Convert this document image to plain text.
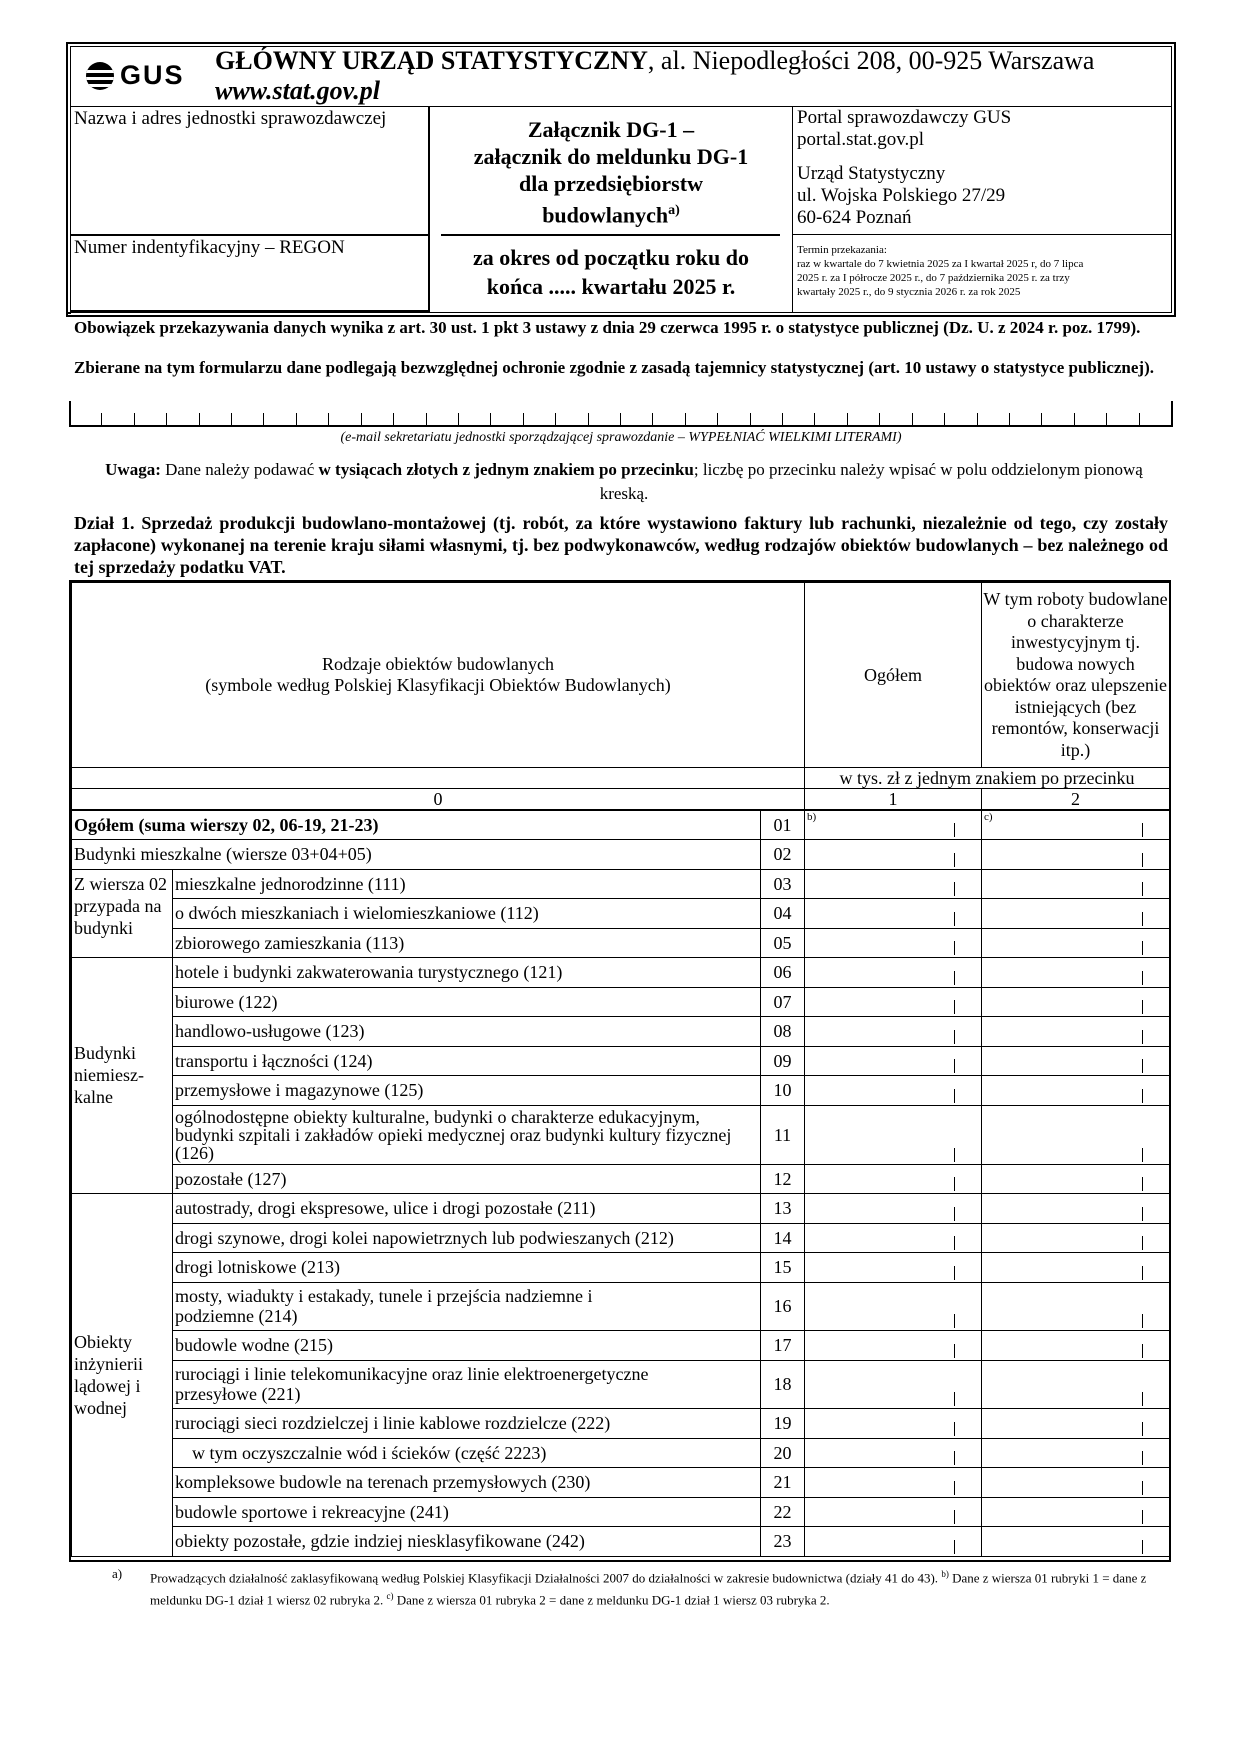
GUS GŁÓWNY URZĄD STATYSTYCZNY, al. Niepodległości 208, 00-925 Warszawa
www.stat.gov.pl
Nazwa i adres jednostki sprawozdawczej
Numer indentyfikacyjny – REGON
Załącznik DG-1 –
załącznik do meldunku DG-1
dla przedsiębiorstw
budowlanych$^{a)}$
za okres od początku roku do
końca ..... kwartału 2025 r.
Portal sprawozdawczy GUS
portal.stat.gov.pl
Urząd Statystyczny
ul. Wojska Polskiego 27/29
60-624 Poznań
Termin przekazania:
raz w kwartale do 7 kwietnia 2025 za I kwartał 2025 r, do 7 lipca
2025 r. za I półrocze 2025 r., do 7 października 2025 r. za trzy
kwartały 2025 r., do 9 stycznia 2026 r. za rok 2025
Obowiązek przekazywania danych wynika z art. 30 ust. 1 pkt 3 ustawy z dnia 29 czerwca 1995 r. o statystyce publicznej (Dz. U. z 2024 r. poz. 1799).
Zbierane na tym formularzu dane podlegają bezwzględnej ochronie zgodnie z zasadą tajemnicy statystycznej (art. 10 ustawy o statystyce publicznej).
(e-mail sekretariatu jednostki sporządzającej sprawozdanie – WYPEŁNIAĆ WIELKIMI LITERAMI)
Uwaga: Dane należy podawać w tysiącach złotych z jednym znakiem po przecinku; liczbę po przecinku należy wpisać w polu oddzielonym pionową kreską.
Dział 1. Sprzedaż produkcji budowlano-montażowej (tj. robót, za które wystawiono faktury lub rachunki, niezależnie od tego, czy zostały zapłacone) wykonanej na terenie kraju siłami własnymi, tj. bez podwykonawców, według rodzajów obiektów budowlanych – bez należnego od tej sprzedaży podatku VAT.
Rodzaje obiektów budowlanych
(symbole według Polskiej Klasyfikacji Obiektów Budowlanych)			Ogółem	W tym roboty budowlane o charakterze inwestycyjnym tj. budowa nowych obiektów oraz ulepszenie istniejących (bez remontów, konserwacji itp.)
			w tys. zł z jednym znakiem po przecinku	
0			1	2
Ogółem (suma wierszy 02, 06-19, 21-23)		01	b)	c)

Budynki mieszkalne (wiersze 03+04+05)		02	

Z wiersza 02 przypada na budynki	mieszkalne jednorodzinne (111)	03	

	o dwóch mieszkaniach i wielomieszkaniowe (112)	04	

	zbiorowego zamieszkania (113)	05	

Budynki niemiesz-kalne	hotele i budynki zakwaterowania turystycznego (121)	06	

	biurowe (122)	07	

	handlowo-usługowe (123)	08	

	transportu i łączności (124)	09	

	przemysłowe i magazynowe (125)	10	

	ogólnodostępne obiekty kulturalne, budynki o charakterze edukacyjnym, budynki szpitali i zakładów opieki medycznej oraz budynki kultury fizycznej (126)	11	

	pozostałe (127)	12	

Obiekty inżynierii lądowej i wodnej	autostrady, drogi ekspresowe, ulice i drogi pozostałe (211)	13	

	drogi szynowe, drogi kolei napowietrznych lub podwieszanych (212)	14	

	drogi lotniskowe (213)	15	

	mosty, wiadukty i estakady, tunele i przejścia nadziemne i podziemne (214)	16	

	budowle wodne (215)	17	

	rurociągi i linie telekomunikacyjne oraz linie elektroenergetyczne przesyłowe (221)	18	

	rurociągi sieci rozdzielczej i linie kablowe rozdzielcze (222)	19	

	w tym oczyszczalnie wód i ścieków (część 2223)	20	

	kompleksowe budowle na terenach przemysłowych (230)	21	

	budowle sportowe i rekreacyjne (241)	22	

	obiekty pozostałe, gdzie indziej niesklasyfikowane (242)	23	

a) Prowadzących działalność zaklasyfikowaną według Polskiej Klasyfikacji Działalności 2007 do działalności w zakresie budownictwa (działy 41 do 43). $^{b)}$ Dane z wiersza 01 rubryki 1 = dane z meldunku DG-1 dział 1 wiersz 02 rubryka 2. $^{c)}$ Dane z wiersza 01 rubryka 2 = dane z meldunku DG-1 dział 1 wiersz 03 rubryka 2.
